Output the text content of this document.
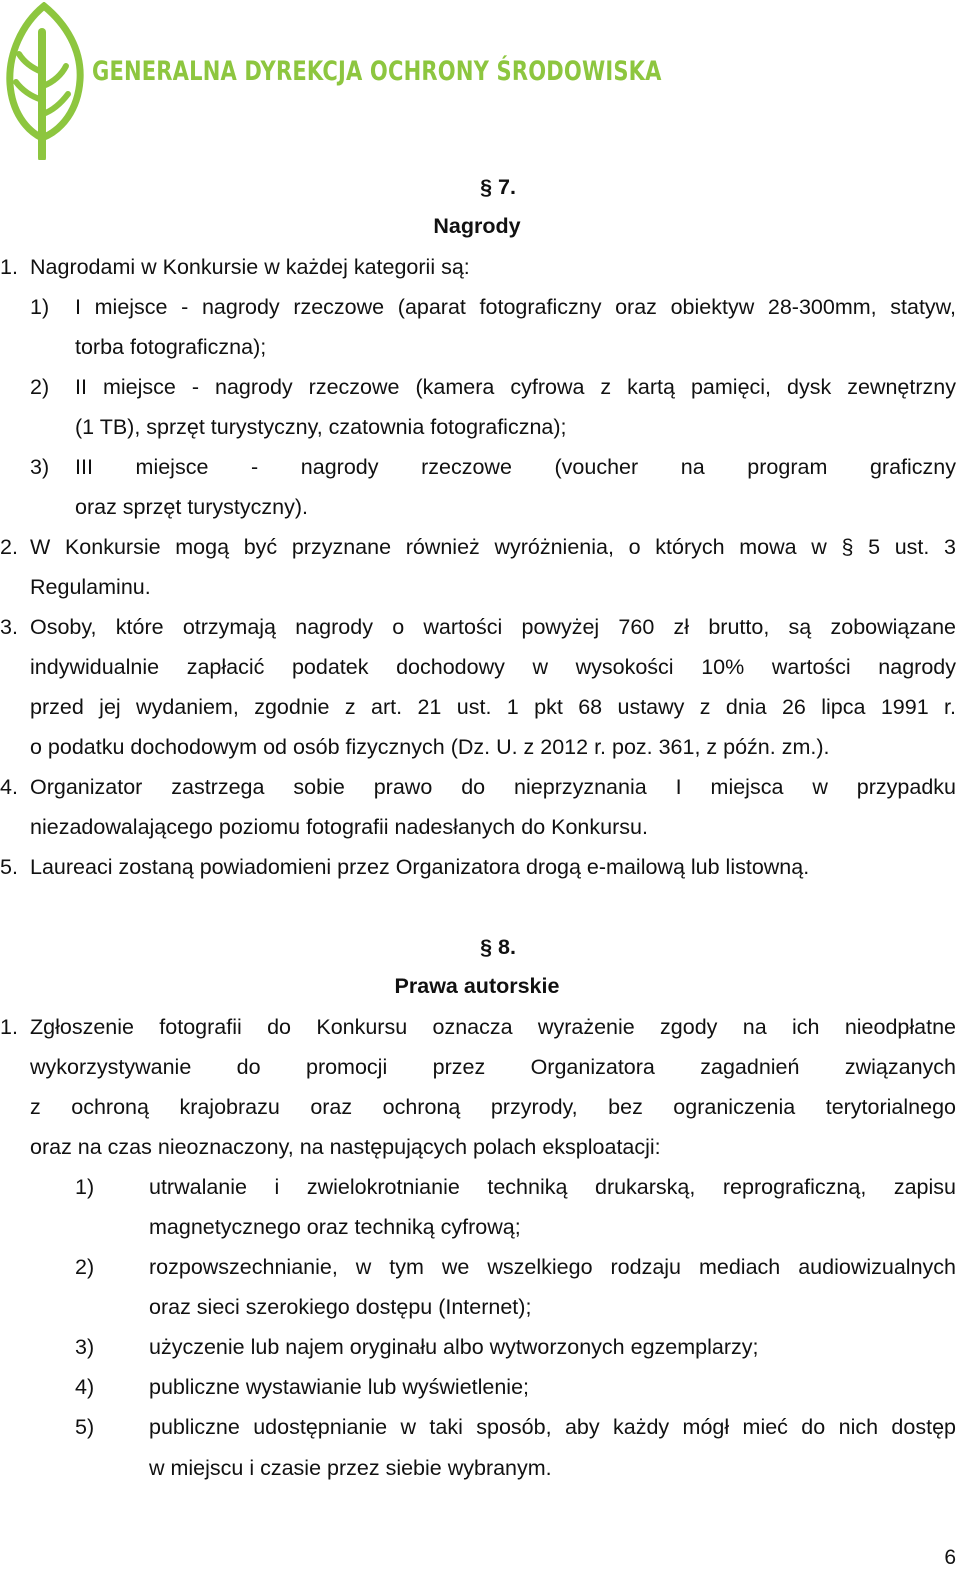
GENERALNA DYREKCJA OCHRONY ŚRODOWISKA
§ 7.
Nagrody
1. Nagrodami w Konkursie w każdej kategorii są:
1) I miejsce - nagrody rzeczowe (aparat fotograficzny oraz obiektyw 28-300mm, statyw,
torba fotograficzna);
2) II miejsce - nagrody rzeczowe (kamera cyfrowa z kartą pamięci, dysk zewnętrzny
(1 TB), sprzęt turystyczny, czatownia fotograficzna);
3) III miejsce - nagrody rzeczowe (voucher na program graficzny
oraz sprzęt turystyczny).
2. W Konkursie mogą być przyznane również wyróżnienia, o których mowa w § 5 ust. 3
Regulaminu.
3. Osoby, które otrzymają nagrody o wartości powyżej 760 zł brutto, są zobowiązane
indywidualnie zapłacić podatek dochodowy w wysokości 10% wartości nagrody
przed jej wydaniem, zgodnie z art. 21 ust. 1 pkt 68 ustawy z dnia 26 lipca 1991 r.
o podatku dochodowym od osób fizycznych (Dz. U. z 2012 r. poz. 361, z późn. zm.).
4. Organizator zastrzega sobie prawo do nieprzyznania I miejsca w przypadku
niezadowalającego poziomu fotografii nadesłanych do Konkursu.
5. Laureaci zostaną powiadomieni przez Organizatora drogą e-mailową lub listowną.
§ 8.
Prawa autorskie
1. Zgłoszenie fotografii do Konkursu oznacza wyrażenie zgody na ich nieodpłatne
wykorzystywanie do promocji przez Organizatora zagadnień związanych
z ochroną krajobrazu oraz ochroną przyrody, bez ograniczenia terytorialnego
oraz na czas nieoznaczony, na następujących polach eksploatacji:
1)	utrwalanie i zwielokrotnianie techniką drukarską, reprograficzną, zapisu
magnetycznego oraz techniką cyfrową;
2)	rozpowszechnianie, w tym we wszelkiego rodzaju mediach audiowizualnych
oraz sieci szerokiego dostępu (Internet);
3)	użyczenie lub najem oryginału albo wytworzonych egzemplarzy;
4)	publiczne wystawianie lub wyświetlenie;
5)	publiczne udostępnianie w taki sposób, aby każdy mógł mieć do nich dostęp
w miejscu i czasie przez siebie wybranym.
6
